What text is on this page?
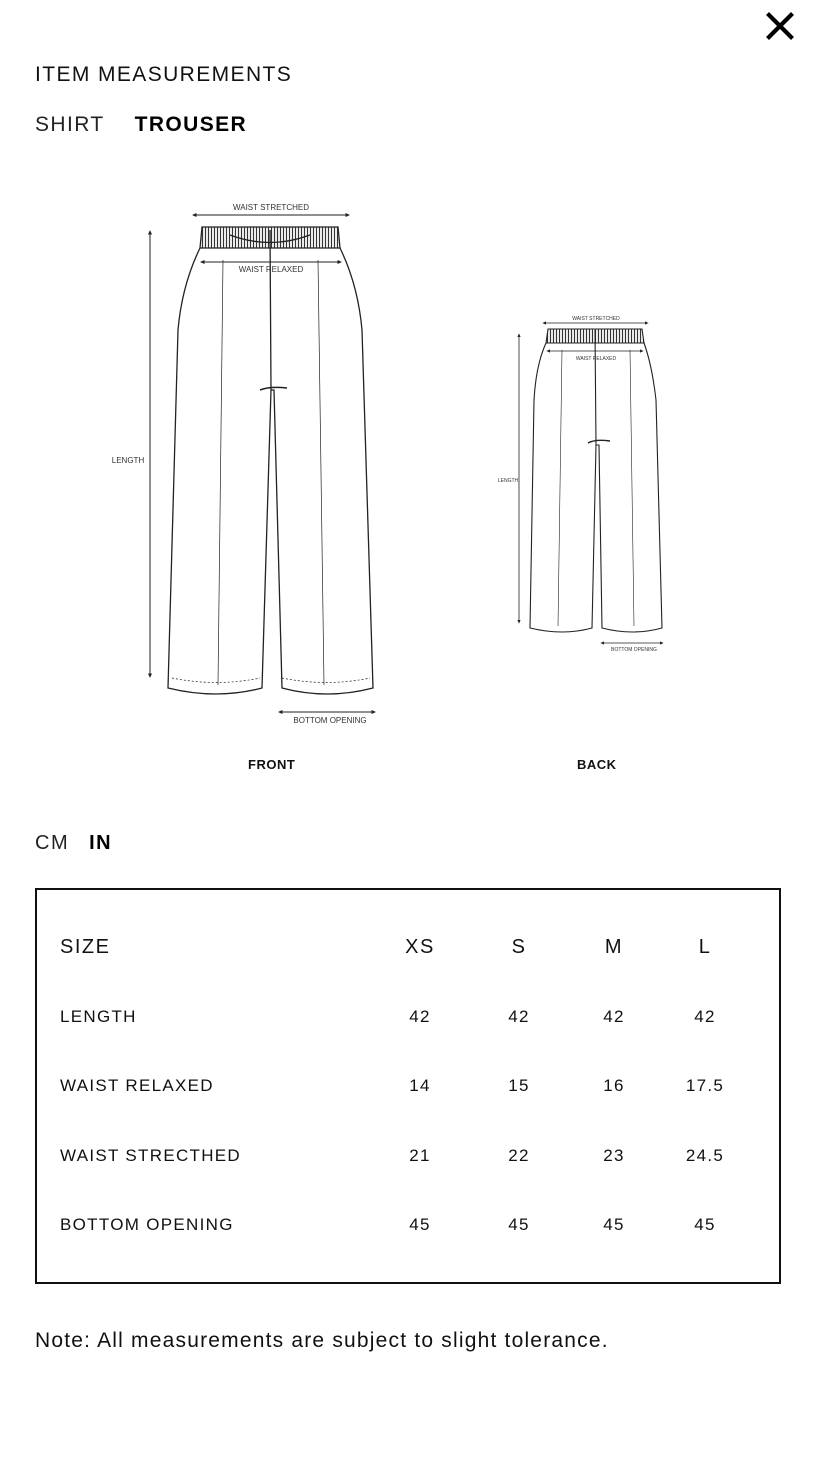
ITEM MEASUREMENTS
SHIRT TROUSER
WAIST STRETCHED
WAIST RELAXED
LENGTH
BOTTOM OPENING
WAIST STRETCHED
WAIST RELAXED
LENGTH
BOTTOM OPENING
FRONT	BACK
CM IN
SIZE	XS	S	M	L
LENGTH	42	42	42	42
WAIST RELAXED	14	15	16	17.5
WAIST STRECTHED	21	22	23	24.5
BOTTOM OPENING	45	45	45	45
Note: All measurements are subject to slight tolerance.
